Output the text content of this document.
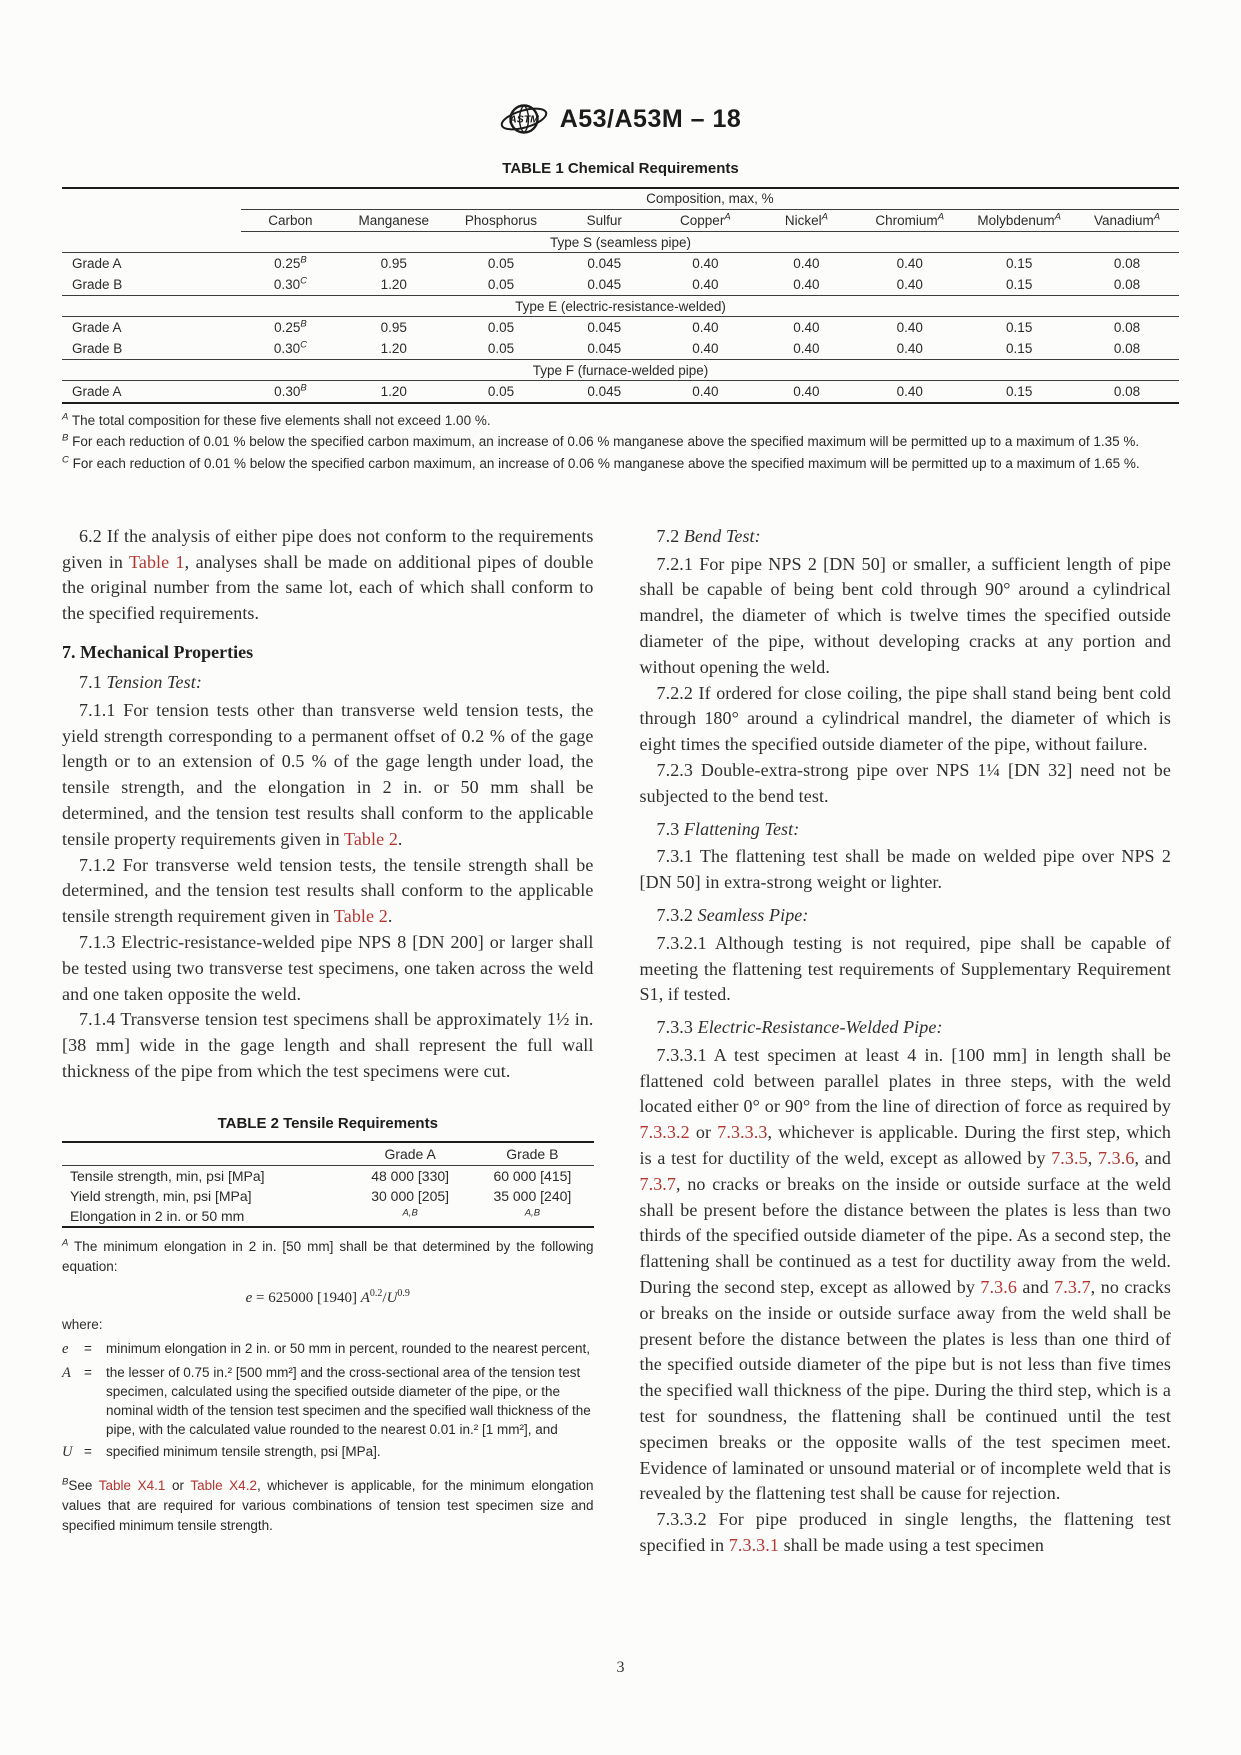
ASTM A53/A53M – 18
TABLE 1 Chemical Requirements
	Composition, max, %								
	Carbon	Manganese	Phosphorus	Sulfur	Copper$^A$	Nickel$^A$	Chromium$^A$	Molybdenum$^A$	Vanadium$^A$
Type S (seamless pipe)									
Grade A	$0.25^B$	0.95	0.05	0.045	0.40	0.40	0.40	0.15	0.08
Grade B	$0.30^C$	1.20	0.05	0.045	0.40	0.40	0.40	0.15	0.08
Type E (electric-resistance-welded)									
Grade A	$0.25^B$	0.95	0.05	0.045	0.40	0.40	0.40	0.15	0.08
Grade B	$0.30^C$	1.20	0.05	0.045	0.40	0.40	0.40	0.15	0.08
Type F (furnace-welded pipe)									
Grade A	$0.30^B$	1.20	0.05	0.045	0.40	0.40	0.40	0.15	0.08

$^A$ The total composition for these five elements shall not exceed 1.00 %.

$^B$ For each reduction of 0.01 % below the specified carbon maximum, an increase of 0.06 % manganese above the specified maximum will be permitted up to a maximum of 1.35 %.

$^C$ For each reduction of 0.01 % below the specified carbon maximum, an increase of 0.06 % manganese above the specified maximum will be permitted up to a maximum of 1.65 %.

6.2 If the analysis of either pipe does not conform to the requirements given in Table 1, analyses shall be made on additional pipes of double the original number from the same lot, each of which shall conform to the specified requirements.

7. Mechanical Properties

7.1 Tension Test:

7.1.1 For tension tests other than transverse weld tension tests, the yield strength corresponding to a permanent offset of 0.2 % of the gage length or to an extension of 0.5 % of the gage length under load, the tensile strength, and the elongation in 2 in. or 50 mm shall be determined, and the tension test results shall conform to the applicable tensile property requirements given in Table 2.

7.1.2 For transverse weld tension tests, the tensile strength shall be determined, and the tension test results shall conform to the applicable tensile strength requirement given in Table 2.

7.1.3 Electric-resistance-welded pipe NPS 8 [DN 200] or larger shall be tested using two transverse test specimens, one taken across the weld and one taken opposite the weld.

7.1.4 Transverse tension test specimens shall be approximately 1½ in. [38 mm] wide in the gage length and shall represent the full wall thickness of the pipe from which the test specimens were cut.

TABLE 2 Tensile Requirements
	Grade A	Grade B
Tensile strength, min, psi [MPa]	48 000 [330]	60 000 [415]
Yield strength, min, psi [MPa]	30 000 [205]	35 000 [240]
Elongation in 2 in. or 50 mm	$^{A,B}$	$^{A,B}$

$^A$ The minimum elongation in 2 in. [50 mm] shall be that determined by the following equation:

e = 625000 [1940] $A^{0.2}/U^{0.9}$

where:

e	=	minimum elongation in 2 in. or 50 mm in percent, rounded to the nearest percent,
A =	the lesser of 0.75 in.² [500 mm²] and the cross-sectional area of the tension test specimen, calculated using the specified outside diameter of the pipe, or the nominal width of the tension test specimen and the specified wall thickness of the pipe, with the calculated value rounded to the nearest 0.01 in.² [1 mm²], and
U =	specified minimum tensile strength, psi [MPa].

$^B$See Table X4.1 or Table X4.2, whichever is applicable, for the minimum elongation values that are required for various combinations of tension test specimen size and specified minimum tensile strength.

7.2 Bend Test:

7.2.1 For pipe NPS 2 [DN 50] or smaller, a sufficient length of pipe shall be capable of being bent cold through 90° around a cylindrical mandrel, the diameter of which is twelve times the specified outside diameter of the pipe, without developing cracks at any portion and without opening the weld.

7.2.2 If ordered for close coiling, the pipe shall stand being bent cold through 180° around a cylindrical mandrel, the diameter of which is eight times the specified outside diameter of the pipe, without failure.

7.2.3 Double-extra-strong pipe over NPS 1¼ [DN 32] need not be subjected to the bend test.

7.3 Flattening Test:

7.3.1 The flattening test shall be made on welded pipe over NPS 2 [DN 50] in extra-strong weight or lighter.

7.3.2 Seamless Pipe:

7.3.2.1 Although testing is not required, pipe shall be capable of meeting the flattening test requirements of Supplementary Requirement S1, if tested.

7.3.3 Electric-Resistance-Welded Pipe:

7.3.3.1 A test specimen at least 4 in. [100 mm] in length shall be flattened cold between parallel plates in three steps, with the weld located either 0° or 90° from the line of direction of force as required by 7.3.3.2 or 7.3.3.3, whichever is applicable. During the first step, which is a test for ductility of the weld, except as allowed by 7.3.5, 7.3.6, and 7.3.7, no cracks or breaks on the inside or outside surface at the weld shall be present before the distance between the plates is less than two thirds of the specified outside diameter of the pipe. As a second step, the flattening shall be continued as a test for ductility away from the weld. During the second step, except as allowed by 7.3.6 and 7.3.7, no cracks or breaks on the inside or outside surface away from the weld shall be present before the distance between the plates is less than one third of the specified outside diameter of the pipe but is not less than five times the specified wall thickness of the pipe. During the third step, which is a test for soundness, the flattening shall be continued until the test specimen breaks or the opposite walls of the test specimen meet. Evidence of laminated or unsound material or of incomplete weld that is revealed by the flattening test shall be cause for rejection.

7.3.3.2 For pipe produced in single lengths, the flattening test specified in 7.3.3.1 shall be made using a test specimen

3
